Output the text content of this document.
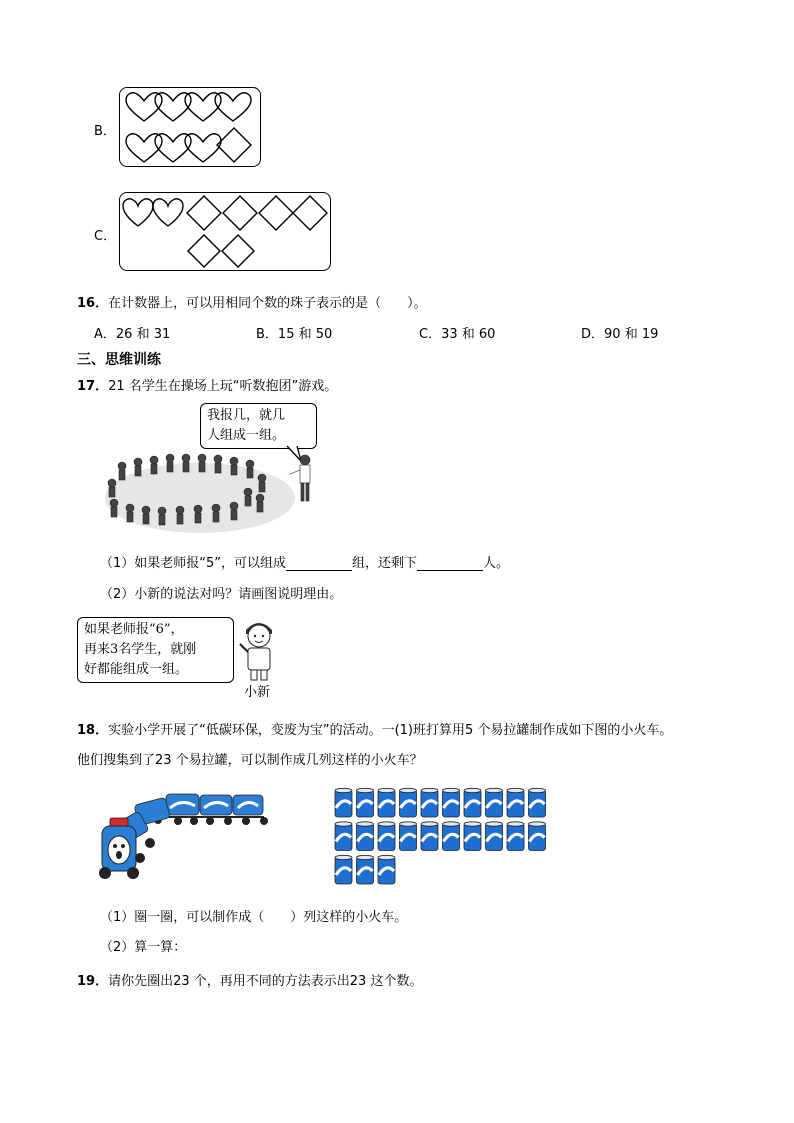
B．
C．
16．在计数器上，可以用相同个数的珠子表示的是（　　）。
A．26 和 31	B．15 和 50	C．33 和 60	D．90 和 19
三、思维训练
17．21 名学生在操场上玩“听数抱团”游戏。
我报几，就几
人组成一组。
（1）如果老师报“5”，可以组成	组，还剩下	人。
（2）小新的说法对吗？请画图说明理由。
如果老师报“6”，
再来3名学生，就刚
好都能组成一组。
小新
18．实验小学开展了“低碳环保，变废为宝”的活动。一(1)班打算用5 个易拉罐制作成如下图的小火车。
他们搜集到了23 个易拉罐，可以制作成几列这样的小火车？
（1）圈一圈，可以制作成（　　）列这样的小火车。
（2）算一算：
19．请你先圈出23 个，再用不同的方法表示出23 这个数。
